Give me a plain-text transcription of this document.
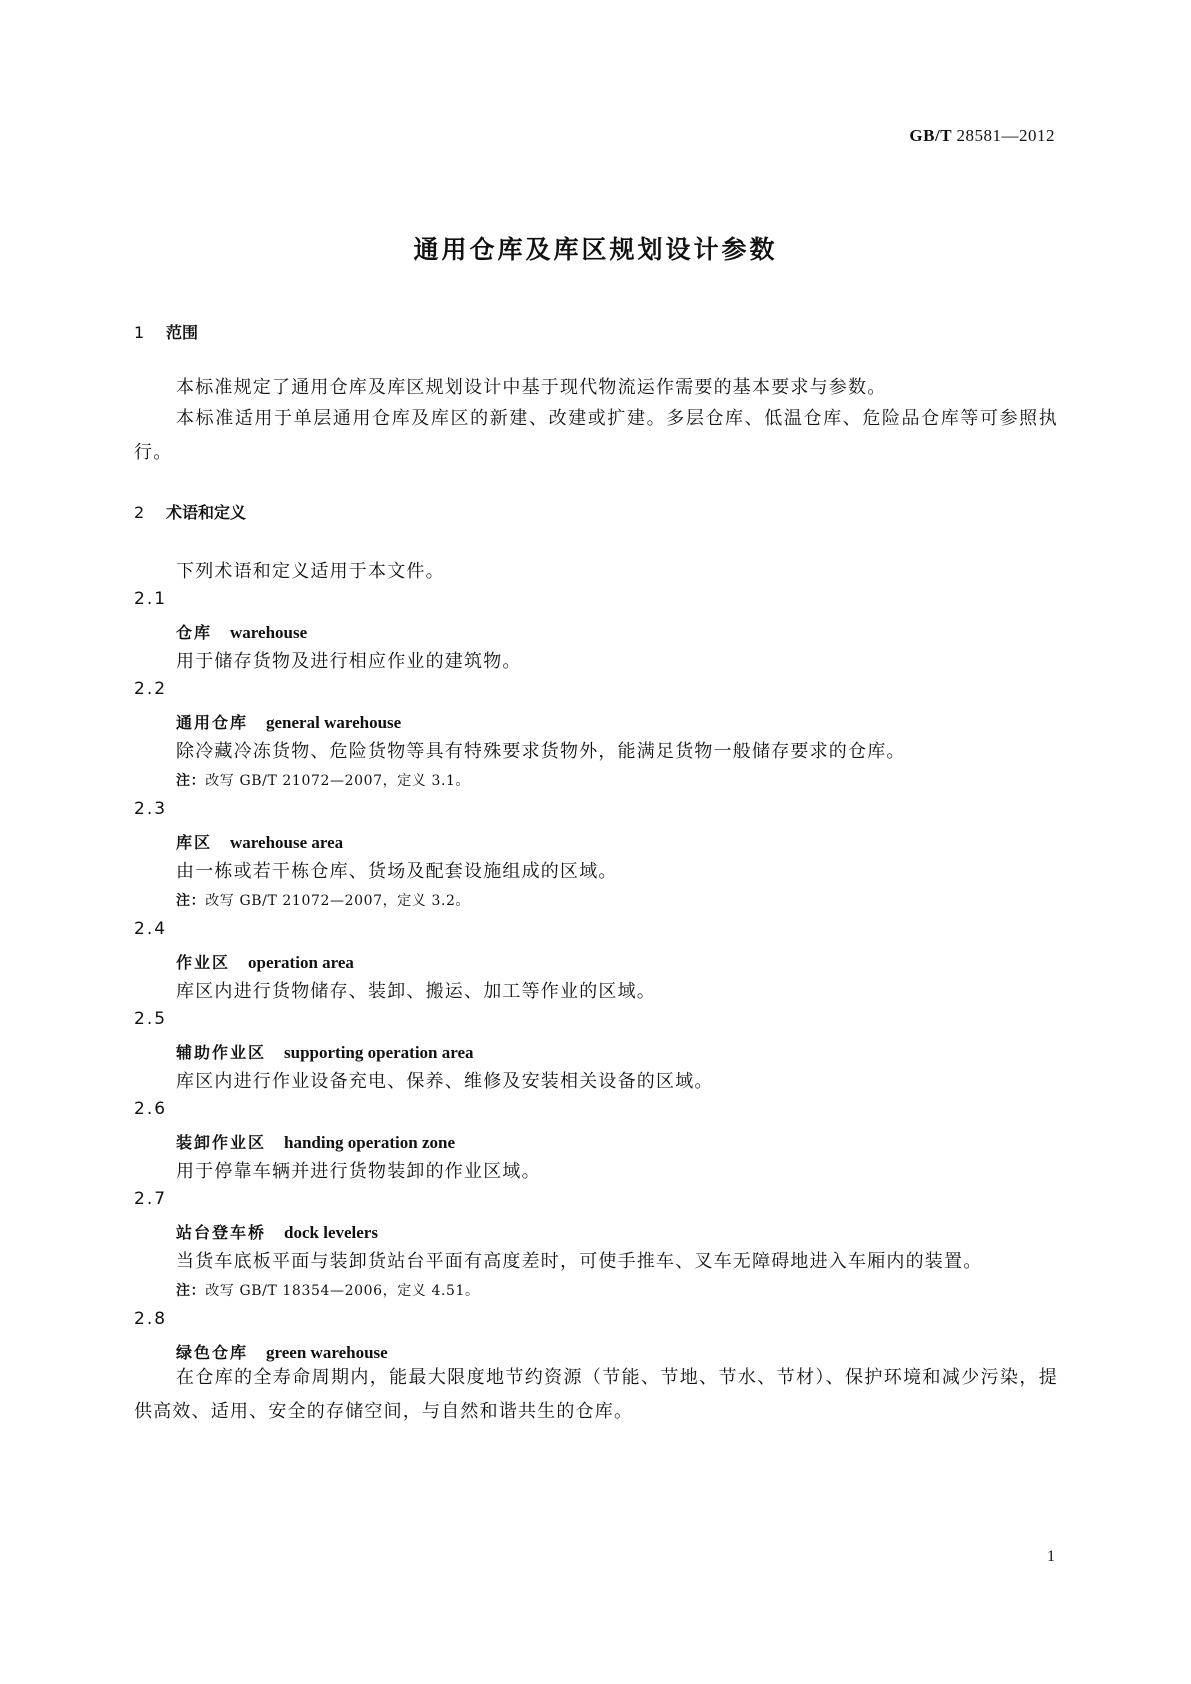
GB/T 28581—2012
通用仓库及库区规划设计参数
1 范围
本标准规定了通用仓库及库区规划设计中基于现代物流运作需要的基本要求与参数。
本标准适用于单层通用仓库及库区的新建、改建或扩建。多层仓库、低温仓库、危险品仓库等可参照执行。
2 术语和定义
下列术语和定义适用于本文件。
2.1
仓库 warehouse
用于储存货物及进行相应作业的建筑物。
2.2
通用仓库 general warehouse
除冷藏冷冻货物、危险货物等具有特殊要求货物外，能满足货物一般储存要求的仓库。
注：改写 GB/T 21072—2007，定义 3.1。
2.3
库区 warehouse area
由一栋或若干栋仓库、货场及配套设施组成的区域。
注：改写 GB/T 21072—2007，定义 3.2。
2.4
作业区 operation area
库区内进行货物储存、装卸、搬运、加工等作业的区域。
2.5
辅助作业区 supporting operation area
库区内进行作业设备充电、保养、维修及安装相关设备的区域。
2.6
装卸作业区 handing operation zone
用于停靠车辆并进行货物装卸的作业区域。
2.7
站台登车桥 dock levelers
当货车底板平面与装卸货站台平面有高度差时，可使手推车、叉车无障碍地进入车厢内的装置。
注：改写 GB/T 18354—2006，定义 4.51。
2.8
绿色仓库 green warehouse
在仓库的全寿命周期内，能最大限度地节约资源（节能、节地、节水、节材）、保护环境和减少污染，提供高效、适用、安全的存储空间，与自然和谐共生的仓库。
1
